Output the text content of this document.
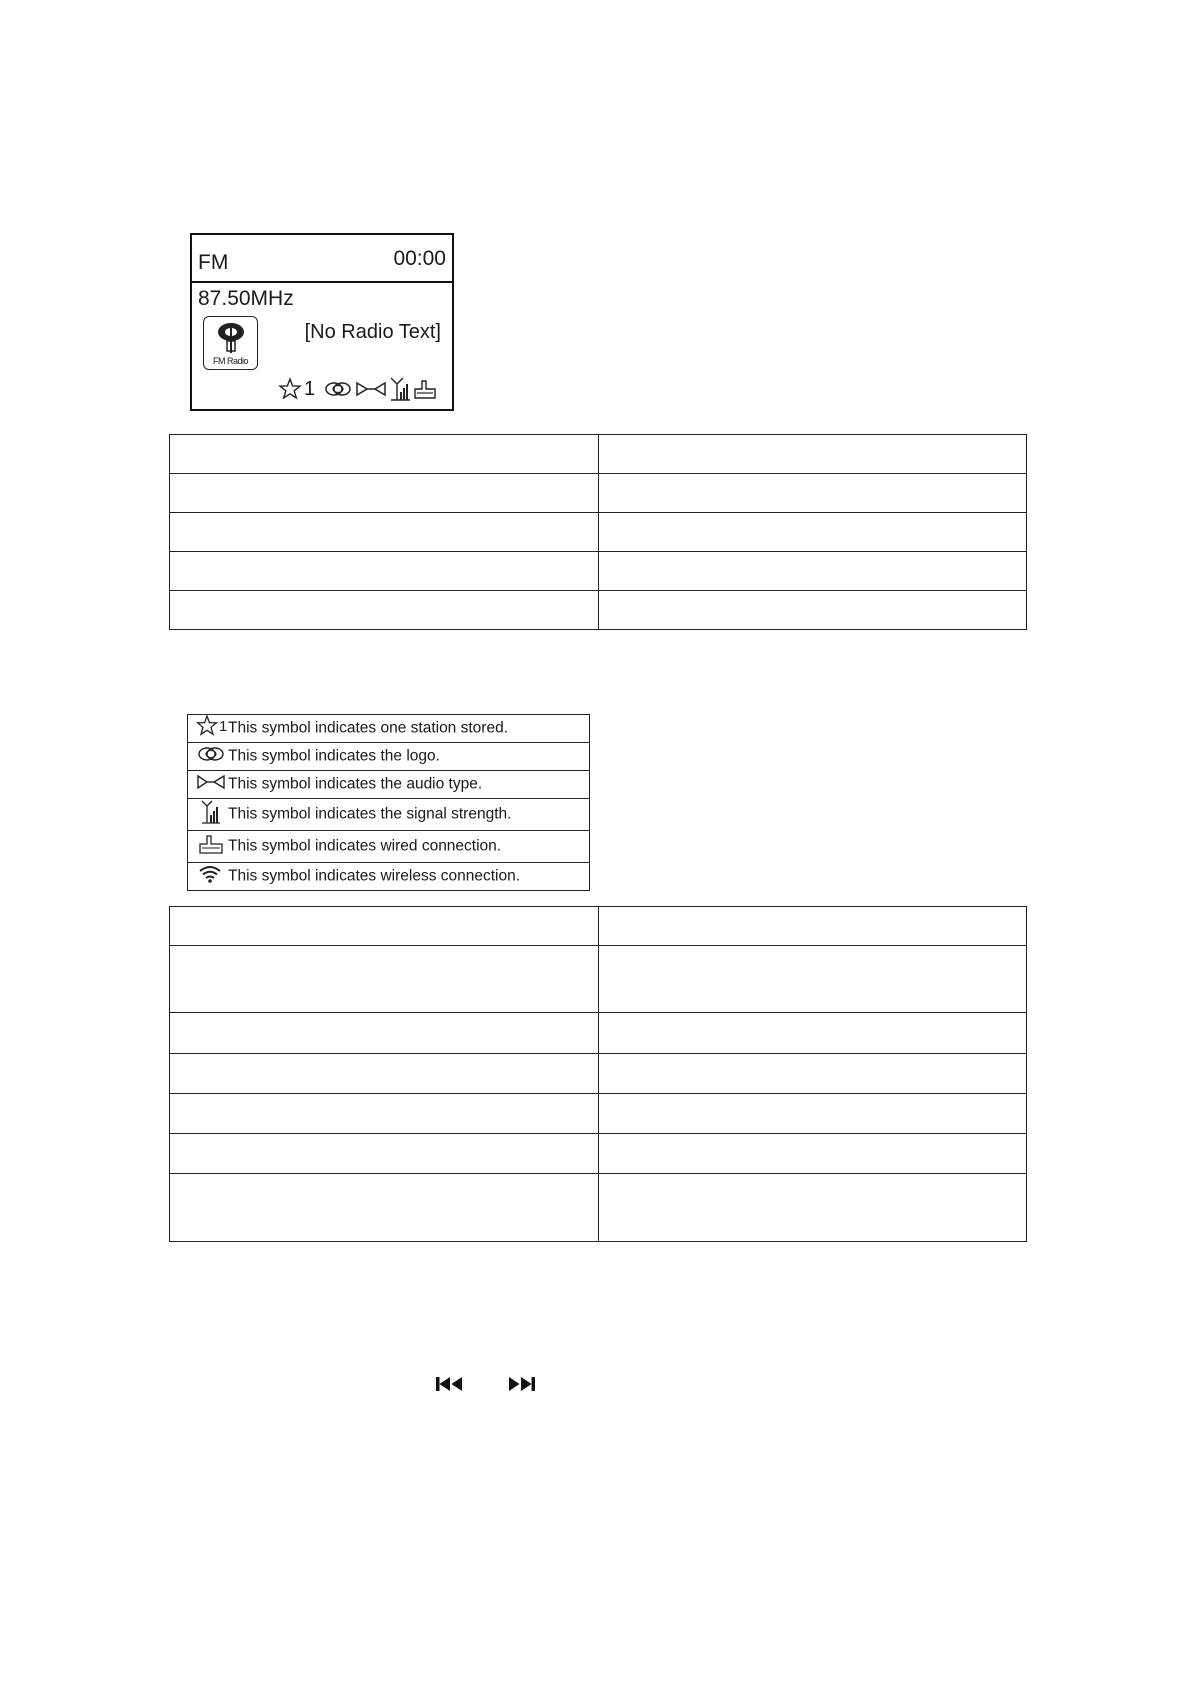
FM	00:00
87.50MHz
FM Radio
[No Radio Text]
1

1 This symbol indicates one station stored.
This symbol indicates the logo.
This symbol indicates the audio type.
This symbol indicates the signal strength.
This symbol indicates wired connection.
This symbol indicates wireless connection.
